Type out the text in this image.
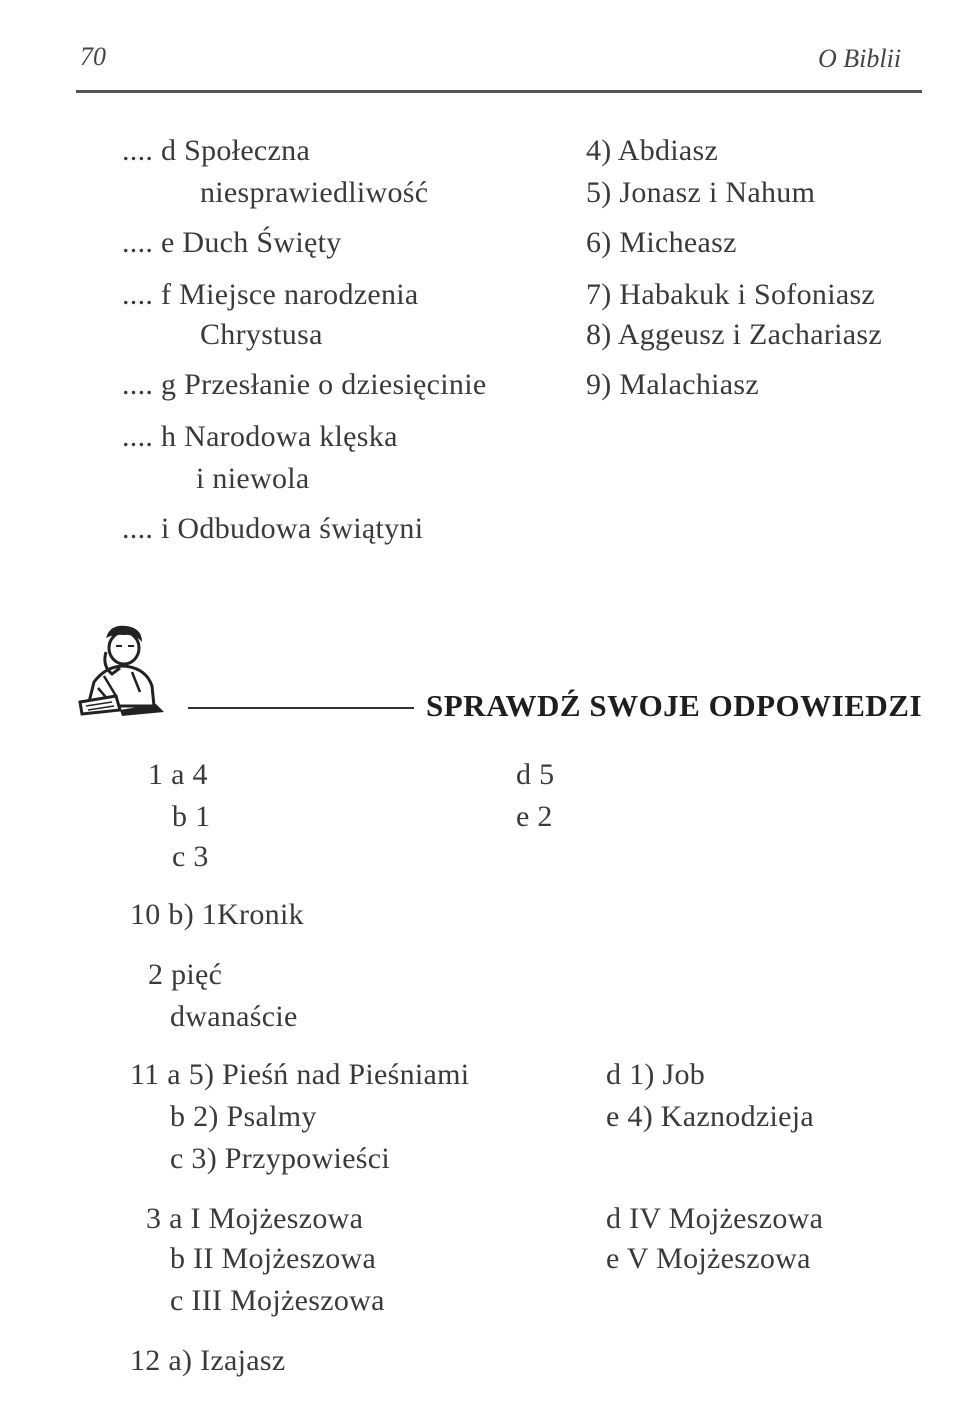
70	O Biblii
.... d Społeczna
niesprawiedliwość
.... e Duch Święty
.... f Miejsce narodzenia
Chrystusa
.... g Przesłanie o dziesięcinie
.... h Narodowa klęska
i niewola
.... i Odbudowa świątyni
4) Abdiasz
5) Jonasz i Nahum
6) Micheasz
7) Habakuk i Sofoniasz
8) Aggeusz i Zachariasz
9) Malachiasz
SPRAWDŹ SWOJE ODPOWIEDZI
1 a 4
b 1
c 3
d 5
e 2
10 b) 1Kronik
2 pięć
dwanaście
11 a 5) Pieśń nad Pieśniami
b 2) Psalmy
c 3) Przypowieści
d 1) Job
e 4) Kaznodzieja
3 a I Mojżeszowa
b II Mojżeszowa
c III Mojżeszowa
d IV Mojżeszowa
e V Mojżeszowa
12 a) Izajasz
